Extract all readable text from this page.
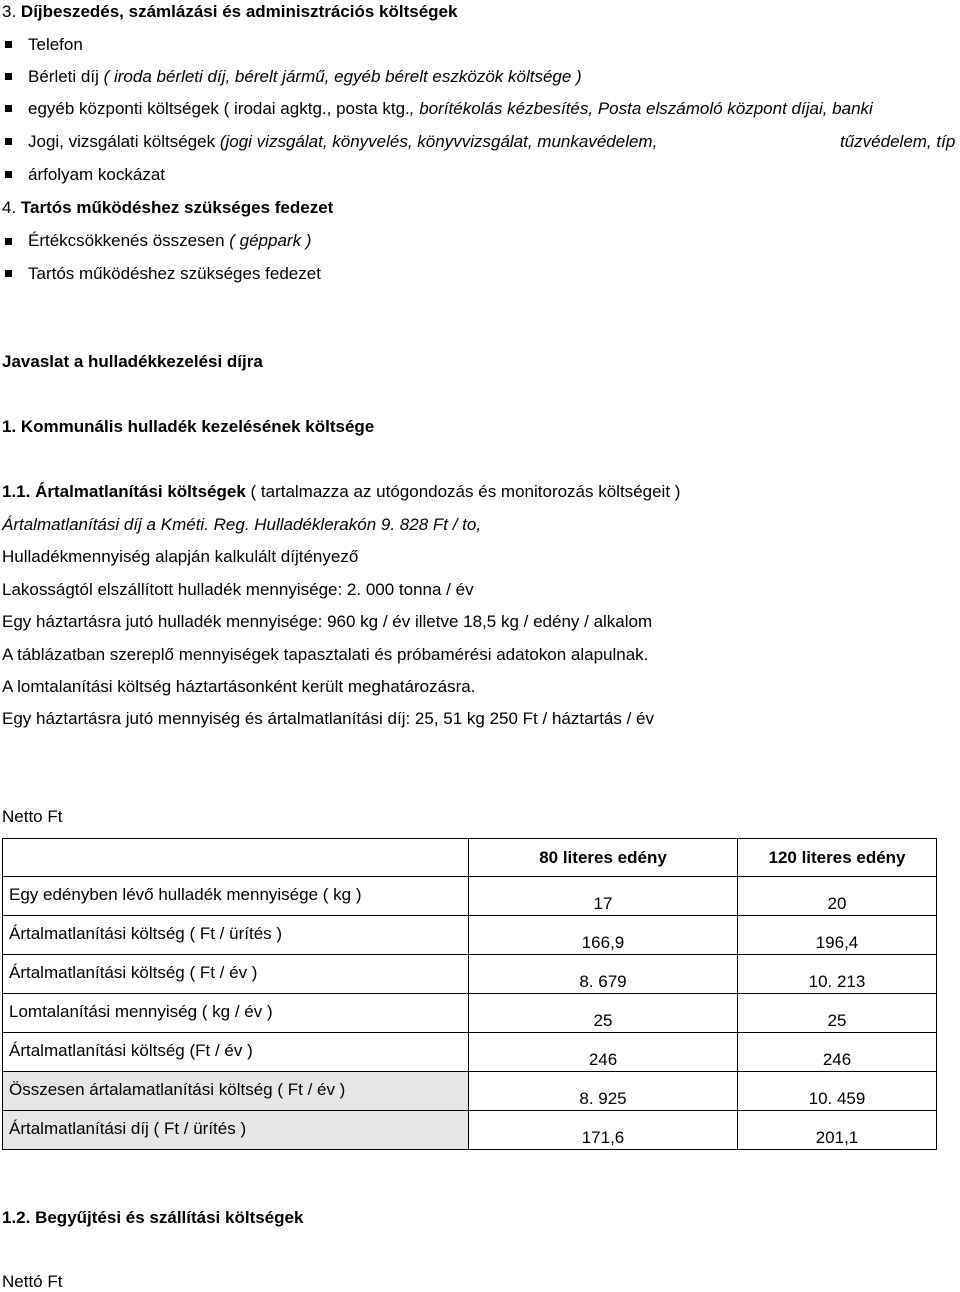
3. Díjbeszedés, számlázási és adminisztrációs költségek
Telefon
Bérleti díj ( iroda bérleti díj, bérelt jármű, egyéb bérelt eszközök költsége )
egyéb központi költségek ( irodai agktg., posta ktg., borítékolás kézbesítés, Posta elszámoló központ díjai, banki
Jogi, vizsgálati költségek (jogi vizsgálat, könyvelés, könyvvizsgálat, munkavédelem,	tűzvédelem, típ
árfolyam kockázat
4. Tartós működéshez szükséges fedezet
Értékcsökkenés összesen ( géppark )
Tartós működéshez szükséges fedezet
Javaslat a hulladékkezelési díjra
1. Kommunális hulladék kezelésének költsége
1.1. Ártalmatlanítási költségek ( tartalmazza az utógondozás és monitorozás költségeit )
Ártalmatlanítási díj a Kméti. Reg. Hulladéklerakón 9. 828 Ft / to,
Hulladékmennyiség alapján kalkulált díjtényező
Lakosságtól elszállított hulladék mennyisége: 2. 000 tonna / év
Egy háztartásra jutó hulladék mennyisége: 960 kg / év illetve 18,5 kg / edény / alkalom
A táblázatban szereplő mennyiségek tapasztalati és próbamérési adatokon alapulnak.
A lomtalanítási költség háztartásonként került meghatározásra.
Egy háztartásra jutó mennyiség és ártalmatlanítási díj: 25, 51 kg 250 Ft / háztartás / év
Netto Ft
	80 literes edény	120 literes edény
Egy edényben lévő hulladék mennyisége ( kg )	17	20
Ártalmatlanítási költség ( Ft / ürítés )	166,9	196,4
Ártalmatlanítási költség ( Ft / év )	8. 679	10. 213
Lomtalanítási mennyiség ( kg / év )	25	25
Ártalmatlanítási költség (Ft / év )	246	246
Összesen ártalamatlanítási költség ( Ft / év )	8. 925	10. 459
Ártalmatlanítási díj ( Ft / ürítés )	171,6	201,1
1.2. Begyűjtési és szállítási költségek
Nettó Ft
